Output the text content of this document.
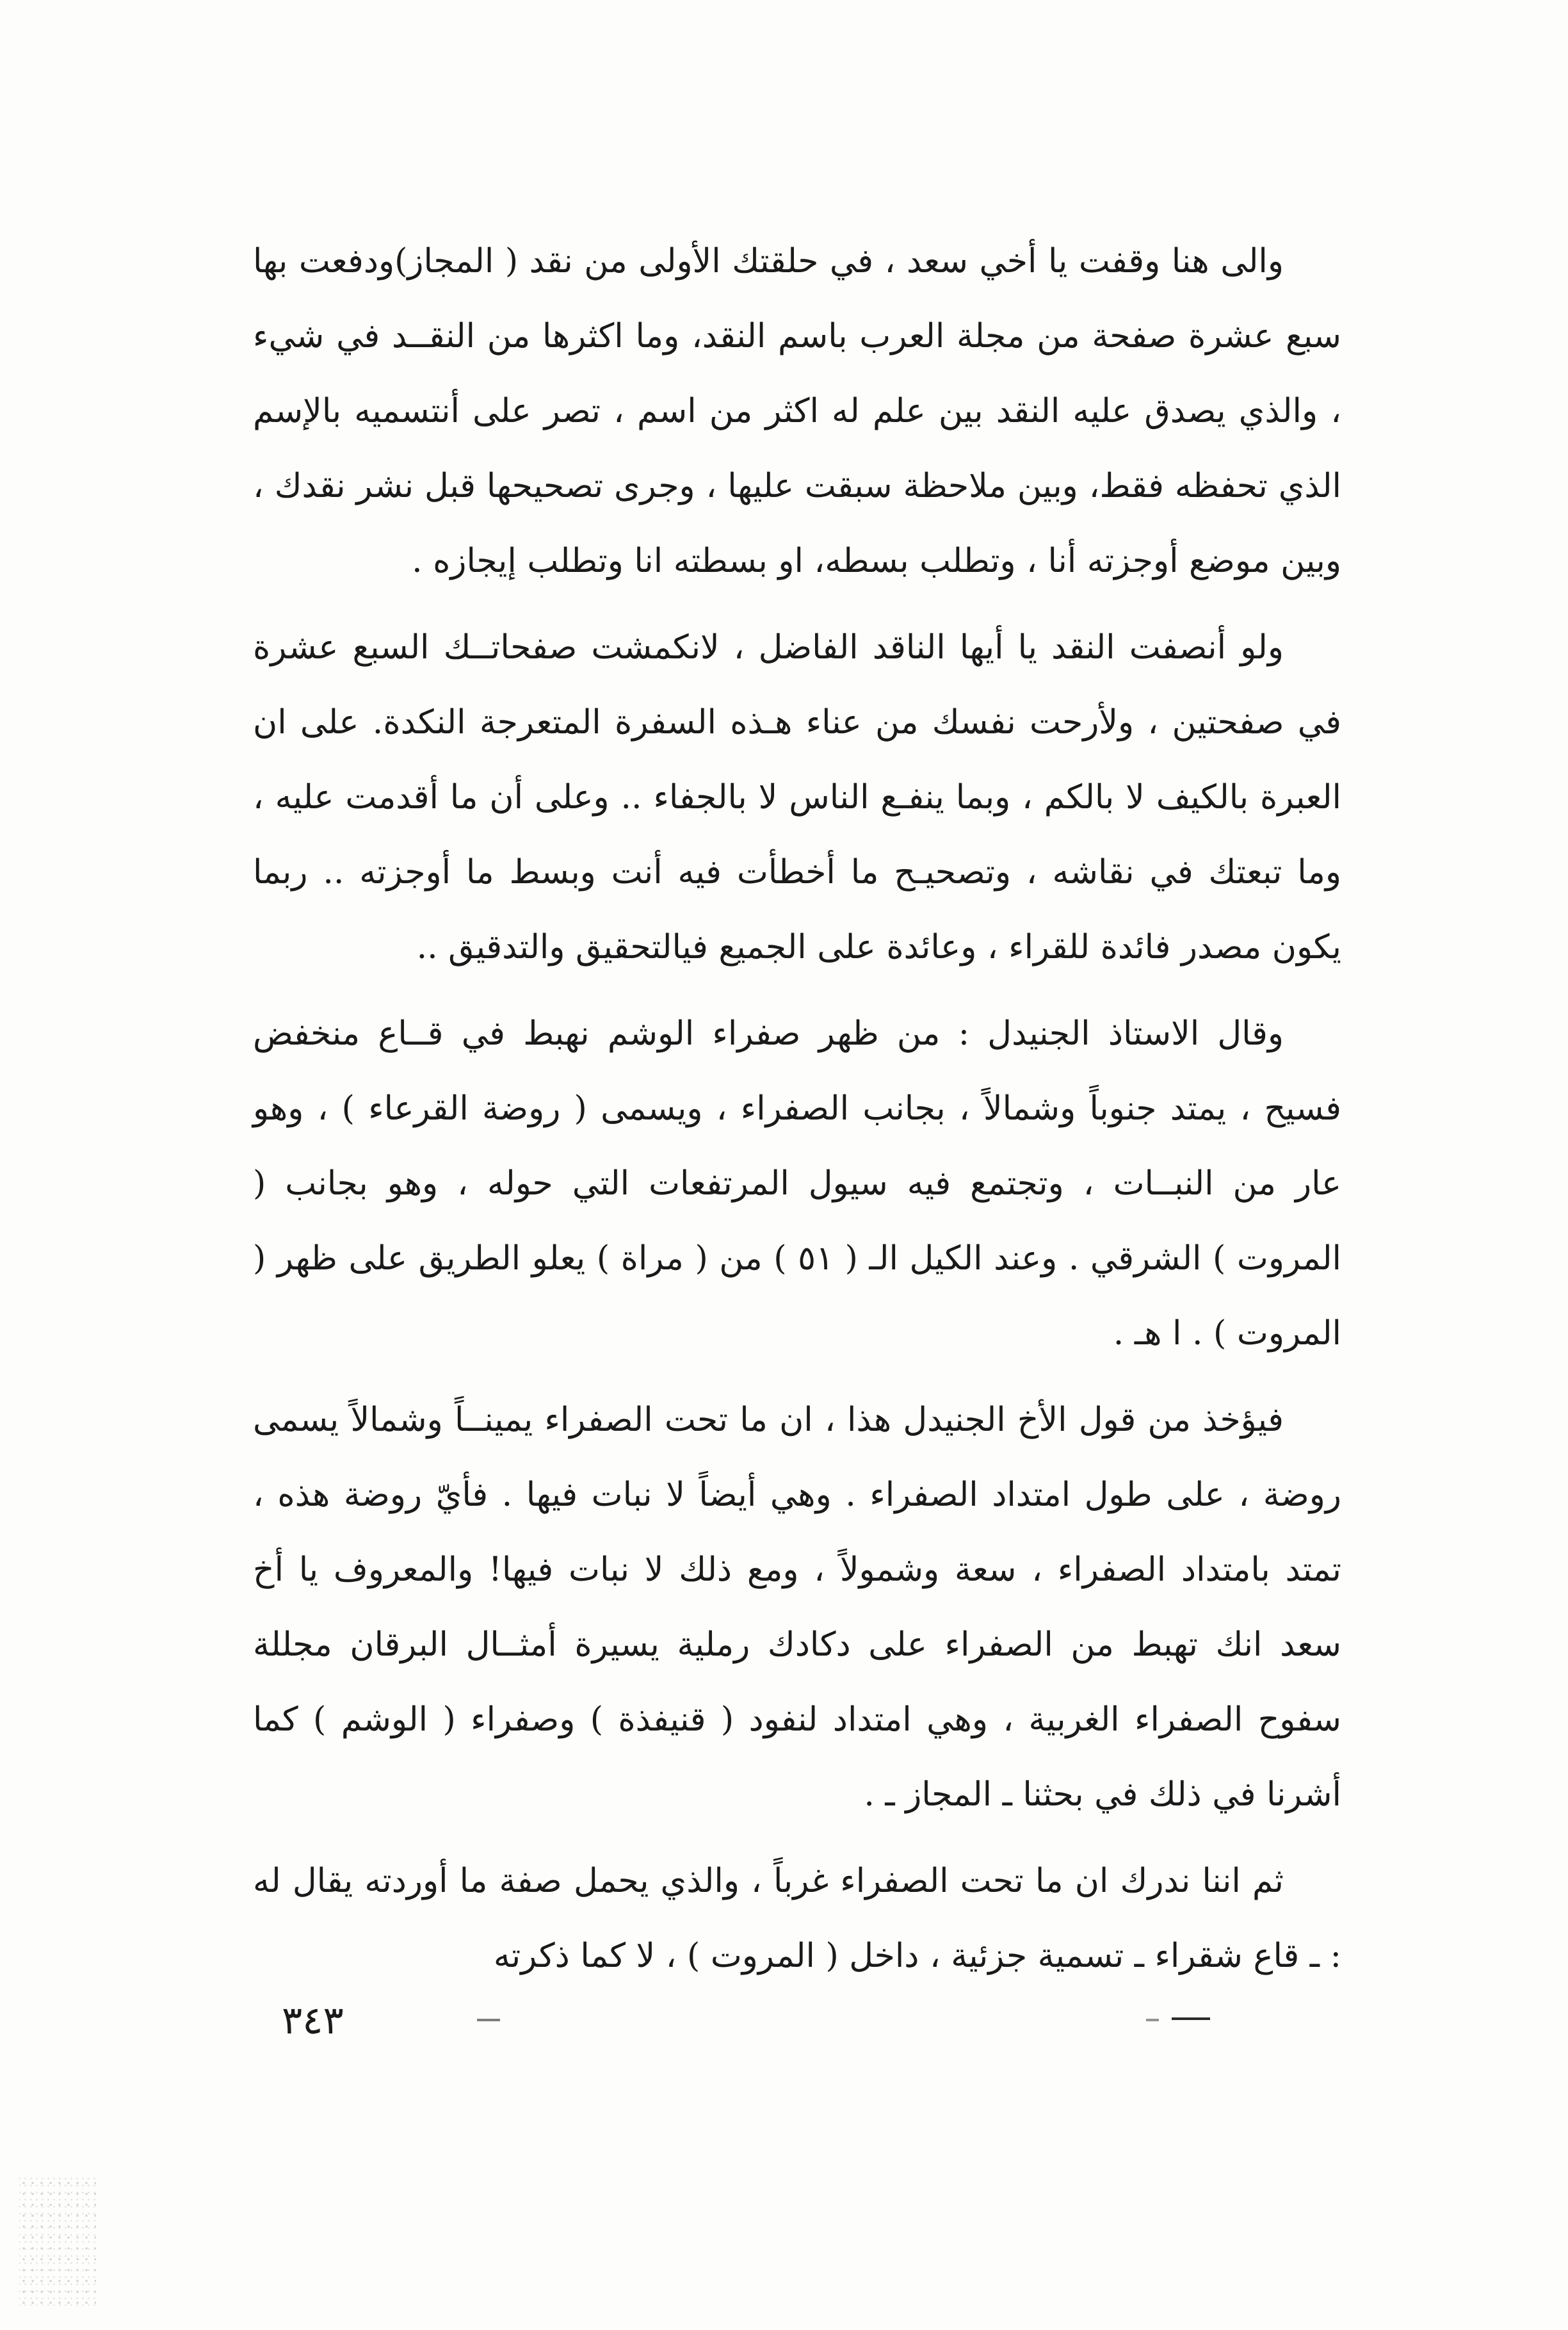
والى هنا وقفت يا أخي سعد ، في حلقتك الأولى من نقد ( المجاز)ودفعت بها سبع عشرة صفحة من مجلة العرب باسم النقد، وما اكثرها من النقــد في شيء ، والذي يصدق عليه النقد بين علم له اكثر من اسم ، تصر على أنتسميه بالإسم الذي تحفظه فقط، وبين ملاحظة سبقت عليها ، وجرى تصحيحها قبل نشر نقدك ، وبين موضع أوجزته أنا ، وتطلب بسطه، او بسطته انا وتطلب إيجازه .

ولو أنصفت النقد يا أيها الناقد الفاضل ، لانكمشت صفحاتــك السبع عشرة في صفحتين ، ولأرحت نفسك من عناء هـذه السفرة المتعرجة النكدة. على ان العبرة بالكيف لا بالكم ، وبما ينفـع الناس لا بالجفاء .. وعلى أن ما أقدمت عليه ، وما تبعتك في نقاشه ، وتصحيـح ما أخطأت فيه أنت وبسط ما أوجزته .. ربما يكون مصدر فائدة للقراء ، وعائدة على الجميع فيالتحقيق والتدقيق ..

وقال الاستاذ الجنيدل : من ظهر صفراء الوشم نهبط في قــاع منخفض فسيح ، يمتد جنوباً وشمالاً ، بجانب الصفراء ، ويسمى ( روضة القرعاء ) ، وهو عار من النبــات ، وتجتمع فيه سيول المرتفعات التي حوله ، وهو بجانب ( المروت ) الشرقي . وعند الكيل الـ ( ٥١ ) من ( مراة ) يعلو الطريق على ظهر ( المروت ) . ا هـ .

فيؤخذ من قول الأخ الجنيدل هذا ، ان ما تحت الصفراء يمينــاً وشمالاً يسمى روضة ، على طول امتداد الصفراء . وهي أيضاً لا نبات فيها . فأيّ روضة هذه ، تمتد بامتداد الصفراء ، سعة وشمولاً ، ومع ذلك لا نبات فيها! والمعروف يا أخ سعد انك تهبط من الصفراء على دكادك رملية يسيرة أمثــال البرقان مجللة سفوح الصفراء الغربية ، وهي امتداد لنفود ( قنيفذة ) وصفراء ( الوشم ) كما أشرنا في ذلك في بحثنا ـ المجاز ـ .

ثم اننا ندرك ان ما تحت الصفراء غرباً ، والذي يحمل صفة ما أوردته يقال له : ـ قاع شقراء ـ تسمية جزئية ، داخل ( المروت ) ، لا كما ذكرته

٣٤٣
